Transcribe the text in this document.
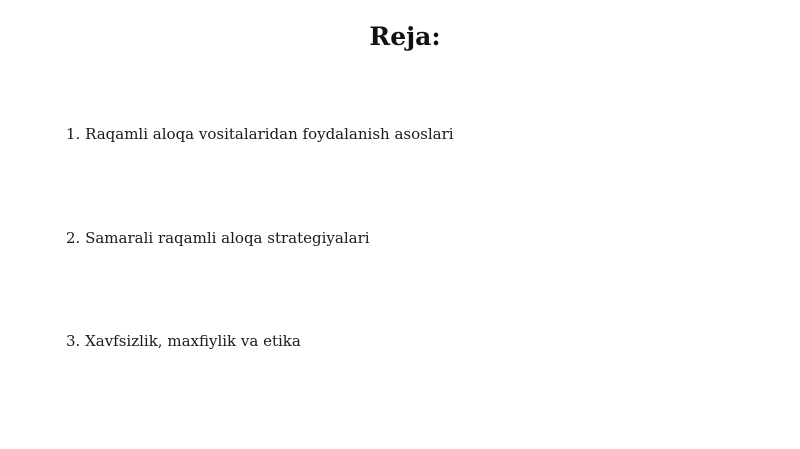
Reja:
1. Raqamli aloqa vositalaridan foydalanish asoslari
2. Samarali raqamli aloqa strategiyalari
3. Xavfsizlik, maxfiylik va etika
